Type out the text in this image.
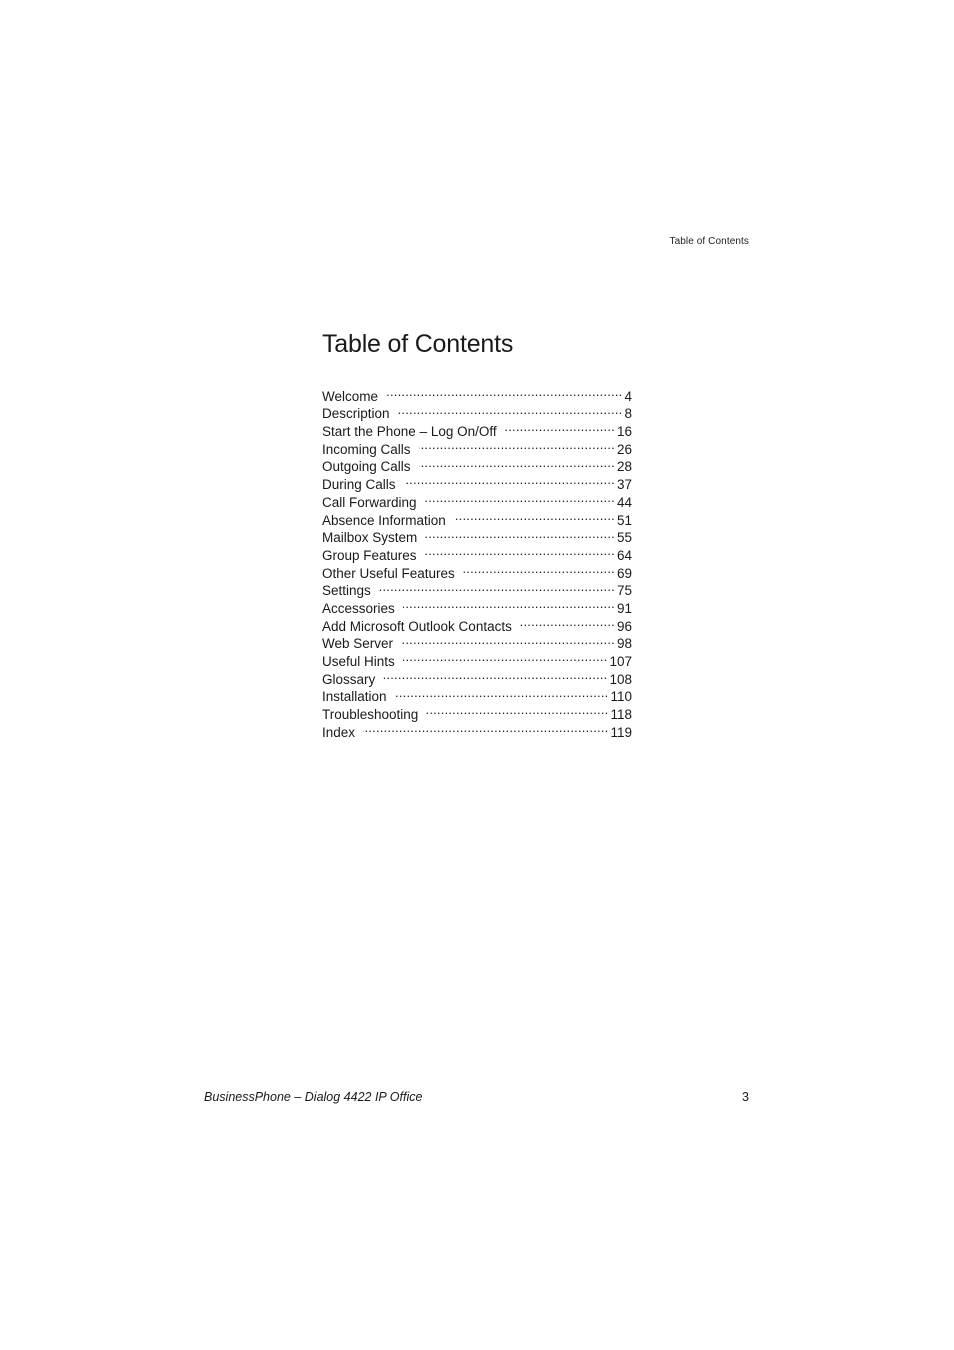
Table of Contents
Table of Contents
Welcome .....	4
Description .....	8
Start the Phone – Log On/Off .....	16
Incoming Calls .....	26
Outgoing Calls .....	28
During Calls .....	37
Call Forwarding .....	44
Absence Information .....	51
Mailbox System .....	55
Group Features .....	64
Other Useful Features .....	69
Settings .....	75
Accessories .....	91
Add Microsoft Outlook Contacts .....	96
Web Server .....	98
Useful Hints .....	107
Glossary .....	108
Installation .....	110
Troubleshooting .....	118
Index .....	119
BusinessPhone – Dialog 4422 IP Office	3
